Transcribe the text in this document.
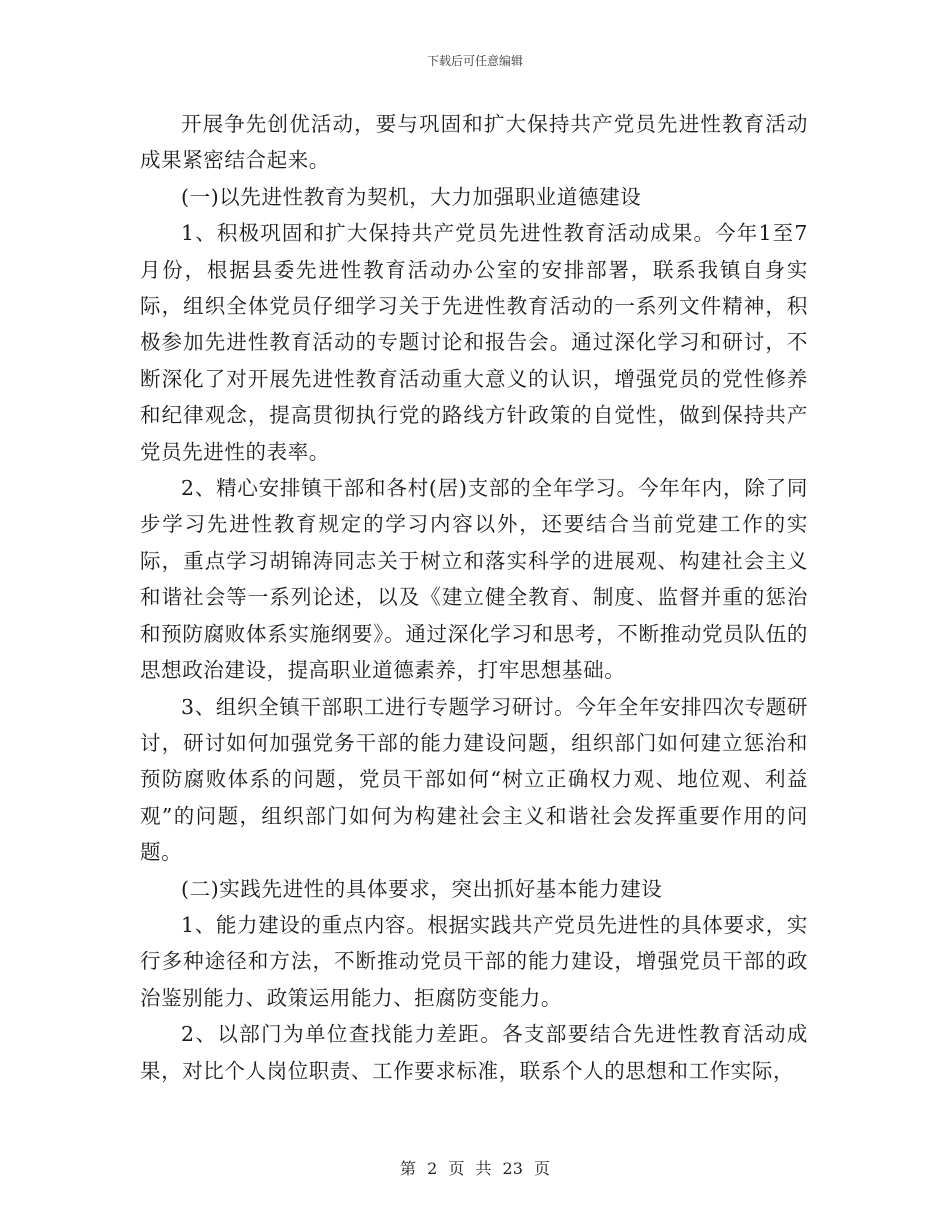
下载后可任意编辑

开展争先创优活动，要与巩固和扩大保持共产党员先进性教育活动成果紧密结合起来。

(一)以先进性教育为契机，大力加强职业道德建设

1、积极巩固和扩大保持共产党员先进性教育活动成果。今年1至7月份，根据县委先进性教育活动办公室的安排部署，联系我镇自身实际，组织全体党员仔细学习关于先进性教育活动的一系列文件精神，积极参加先进性教育活动的专题讨论和报告会。通过深化学习和研讨，不断深化了对开展先进性教育活动重大意义的认识，增强党员的党性修养和纪律观念，提高贯彻执行党的路线方针政策的自觉性，做到保持共产党员先进性的表率。

2、精心安排镇干部和各村(居)支部的全年学习。今年年内，除了同步学习先进性教育规定的学习内容以外，还要结合当前党建工作的实际，重点学习胡锦涛同志关于树立和落实科学的进展观、构建社会主义和谐社会等一系列论述，以及《建立健全教育、制度、监督并重的惩治和预防腐败体系实施纲要》。通过深化学习和思考，不断推动党员队伍的思想政治建设，提高职业道德素养，打牢思想基础。

3、组织全镇干部职工进行专题学习研讨。今年全年安排四次专题研讨，研讨如何加强党务干部的能力建设问题，组织部门如何建立惩治和预防腐败体系的问题，党员干部如何“树立正确权力观、地位观、利益观”的问题，组织部门如何为构建社会主义和谐社会发挥重要作用的问题。

(二)实践先进性的具体要求，突出抓好基本能力建设

1、能力建设的重点内容。根据实践共产党员先进性的具体要求，实行多种途径和方法，不断推动党员干部的能力建设，增强党员干部的政治鉴别能力、政策运用能力、拒腐防变能力。

2、以部门为单位查找能力差距。各支部要结合先进性教育活动成果，对比个人岗位职责、工作要求标准，联系个人的思想和工作实际，

第 2 页 共 23 页
